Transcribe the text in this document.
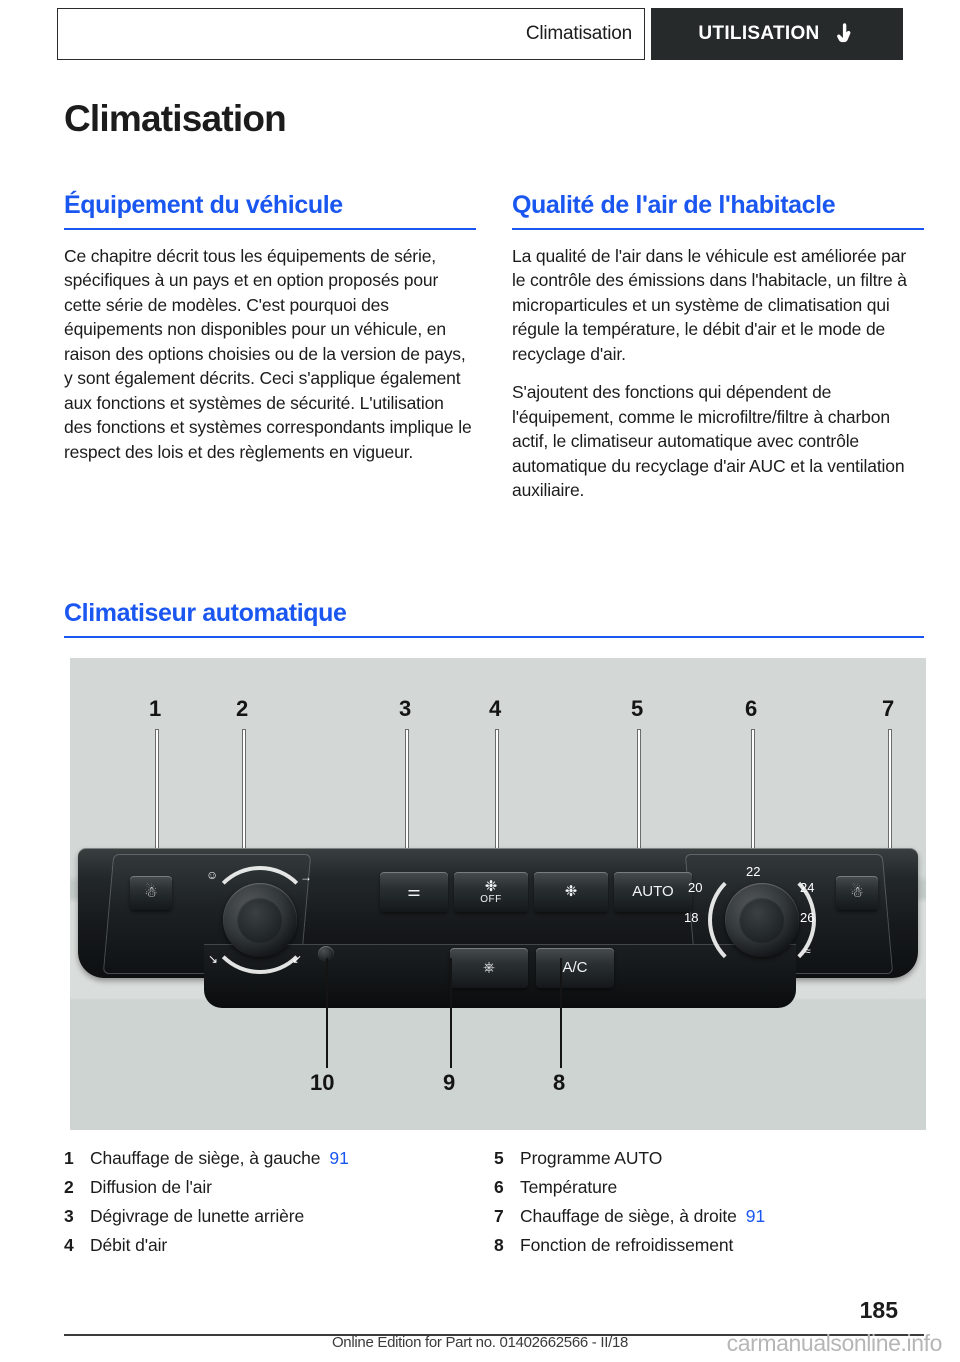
Climatisation	UTILISATION
Climatisation
Équipement du véhicule

Ce chapitre décrit tous les équipements de série, spécifiques à un pays et en option proposés pour cette série de modèles. C'est pourquoi des équipements non disponibles pour un véhicule, en raison des options choisies ou de la version de pays, y sont également décrits. Ceci s'applique également aux fonctions et systèmes de sécurité. L'utilisation des fonctions et systèmes correspondants implique le respect des lois et des règlements en vigueur.

Qualité de l'air de l'habitacle

La qualité de l'air dans le véhicule est améliorée par le contrôle des émissions dans l'habitacle, un filtre à microparticules et un système de climatisation qui régule la température, le débit d'air et le mode de recyclage d'air.

S'ajoutent des fonctions qui dépendent de l'équipement, comme le microfiltre/filtre à charbon actif, le climatiseur automatique avec contrôle automatique du recyclage d'air AUC et la ventilation auxiliaire.

Climatiseur automatique
1	2	3	4	5	6	7
☃
☺	→
↘	↙
⚌	❉
OFF	❉	AUTO
⎈	A/C
18
20
22
24
26
≈
☃
10	9	8
1 Chauffage de siège, à gauche 91
2 Diffusion de l'air
3 Dégivrage de lunette arrière
4 Débit d'air
5 Programme AUTO
6 Température
7 Chauffage de siège, à droite 91
8 Fonction de refroidissement
185
Online Edition for Part no. 01402662566 - II/18	carmanualsonline.info
